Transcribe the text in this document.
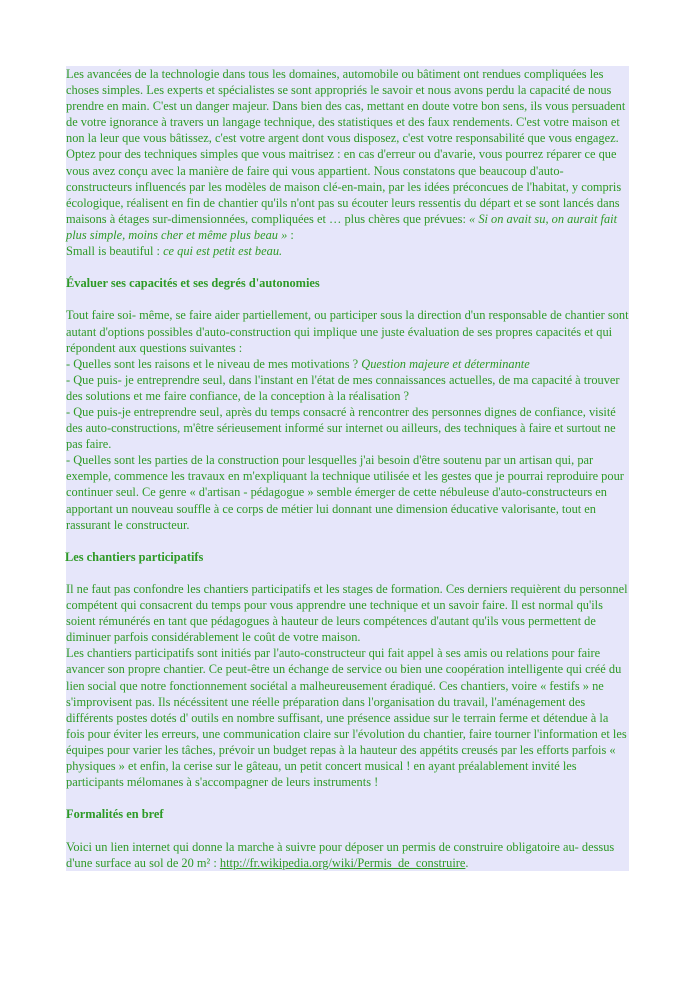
Les avancées de la technologie dans tous les domaines, automobile ou bâtiment ont rendues compliquées les choses simples. Les experts et spécialistes se sont appropriés le savoir et nous avons perdu la capacité de nous prendre en main. C'est un danger majeur. Dans bien des cas, mettant en doute votre bon sens, ils vous persuadent de votre ignorance à travers un langage technique, des statistiques et des faux rendements. C'est votre maison et non la leur que vous bâtissez, c'est votre argent dont vous disposez, c'est votre responsabilité que vous engagez. Optez pour des techniques simples que vous maitrisez : en cas d'erreur ou d'avarie, vous pourrez réparer ce que vous avez conçu avec la manière de faire qui vous appartient. Nous constatons que beaucoup d'auto-constructeurs influencés par les modèles de maison clé-en-main, par les idées préconcues de l'habitat, y compris écologique, réalisent en fin de chantier qu'ils n'ont pas su écouter leurs ressentis du départ et se sont lancés dans maisons à étages sur-dimensionnées, compliquées et … plus chères que prévues: « Si on avait su, on aurait fait plus simple, moins cher et même plus beau » :
Small is beautiful : ce qui est petit est beau.

Évaluer ses capacités et ses degrés d'autonomies

Tout faire soi- même, se faire aider partiellement, ou participer sous la direction d'un responsable de chantier sont autant d'options possibles d'auto-construction qui implique une juste évaluation de ses propres capacités et qui répondent aux questions suivantes :

- Quelles sont les raisons et le niveau de mes motivations ? Question majeure et déterminante

- Que puis- je entreprendre seul, dans l'instant en l'état de mes connaissances actuelles, de ma capacité à trouver des solutions et me faire confiance, de la conception à la réalisation ?

- Que puis-je entreprendre seul, après du temps consacré à rencontrer des personnes dignes de confiance, visité des auto-constructions, m'être sérieusement informé sur internet ou ailleurs, des techniques à faire et surtout ne pas faire.

- Quelles sont les parties de la construction pour lesquelles j'ai besoin d'être soutenu par un artisan qui, par exemple, commence les travaux en m'expliquant la technique utilisée et les gestes que je pourrai reproduire pour continuer seul. Ce genre « d'artisan - pédagogue » semble émerger de cette nébuleuse d'auto-constructeurs en apportant un nouveau souffle à ce corps de métier lui donnant une dimension éducative valorisante, tout en rassurant le constructeur.

Les chantiers participatifs

Il ne faut pas confondre les chantiers participatifs et les stages de formation. Ces derniers requièrent du personnel compétent qui consacrent du temps pour vous apprendre une technique et un savoir faire. Il est normal qu'ils soient rémunérés en tant que pédagogues à hauteur de leurs compétences d'autant qu'ils vous permettent de diminuer parfois considérablement le coût de votre maison.

Les chantiers participatifs sont initiés par l'auto-constructeur qui fait appel à ses amis ou relations pour faire avancer son propre chantier. Ce peut-être un échange de service ou bien une coopération intelligente qui créé du lien social que notre fonctionnement sociétal a malheureusement éradiqué. Ces chantiers, voire « festifs » ne s'improvisent pas. Ils nécéssitent une réelle préparation dans l'organisation du travail, l'aménagement des différents postes dotés d' outils en nombre suffisant, une présence assidue sur le terrain ferme et détendue à la fois pour éviter les erreurs, une communication claire sur l'évolution du chantier, faire tourner l'information et les équipes pour varier les tâches, prévoir un budget repas à la hauteur des appétits creusés par les efforts parfois « physiques » et enfin, la cerise sur le gâteau, un petit concert musical ! en ayant préalablement invité les participants mélomanes à s'accompagner de leurs instruments !

Formalités en bref

Voici un lien internet qui donne la marche à suivre pour déposer un permis de construire obligatoire au- dessus d'une surface au sol de 20 m² : http://fr.wikipedia.org/wiki/Permis_de_construire.
